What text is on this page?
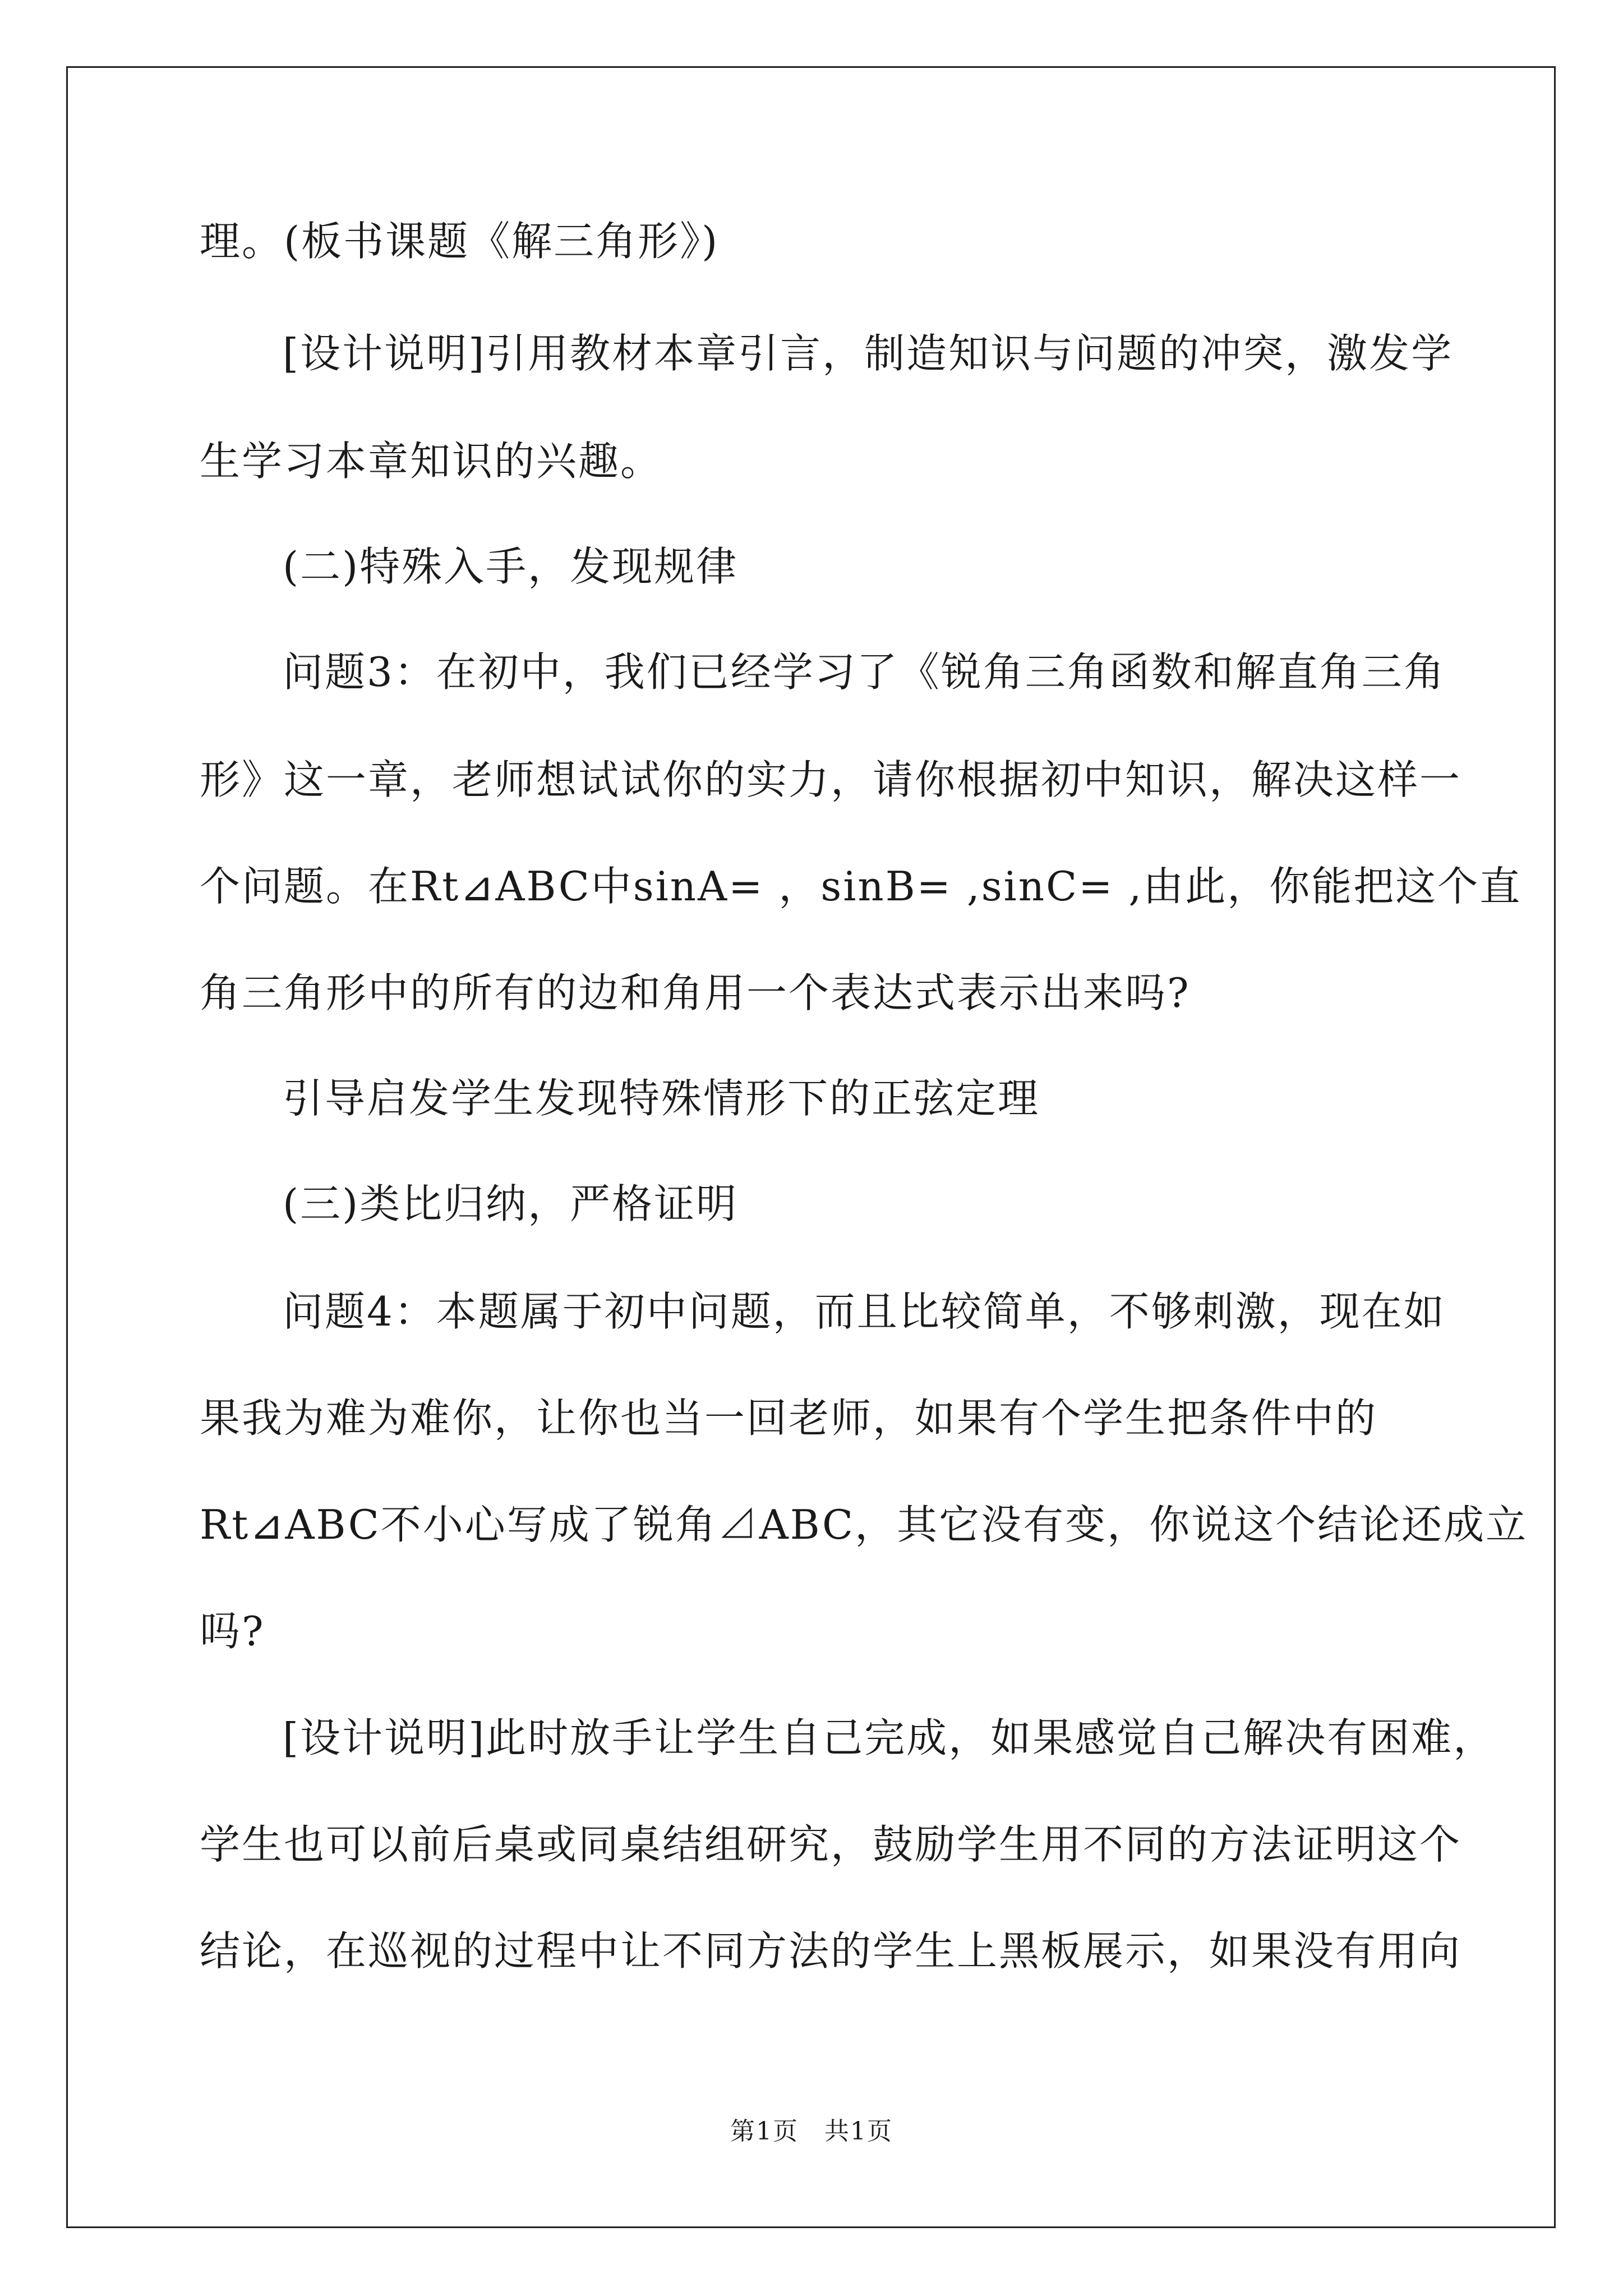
理。(板书课题《解三角形》)
[设计说明]引用教材本章引言，制造知识与问题的冲突，激发学
生学习本章知识的兴趣。
(二)特殊入手，发现规律
问题3：在初中，我们已经学习了《锐角三角函数和解直角三角
形》这一章，老师想试试你的实力，请你根据初中知识，解决这样一
个问题。在Rt⊿ABC中sinA= ，sinB= ,sinC= ,由此，你能把这个直
角三角形中的所有的边和角用一个表达式表示出来吗?
引导启发学生发现特殊情形下的正弦定理
(三)类比归纳，严格证明
问题4：本题属于初中问题，而且比较简单，不够刺激，现在如
果我为难为难你，让你也当一回老师，如果有个学生把条件中的
Rt⊿ABC不小心写成了锐角⊿ABC，其它没有变，你说这个结论还成立
吗?
[设计说明]此时放手让学生自己完成，如果感觉自己解决有困难，
学生也可以前后桌或同桌结组研究，鼓励学生用不同的方法证明这个
结论，在巡视的过程中让不同方法的学生上黑板展示，如果没有用向
第1页　共1页
